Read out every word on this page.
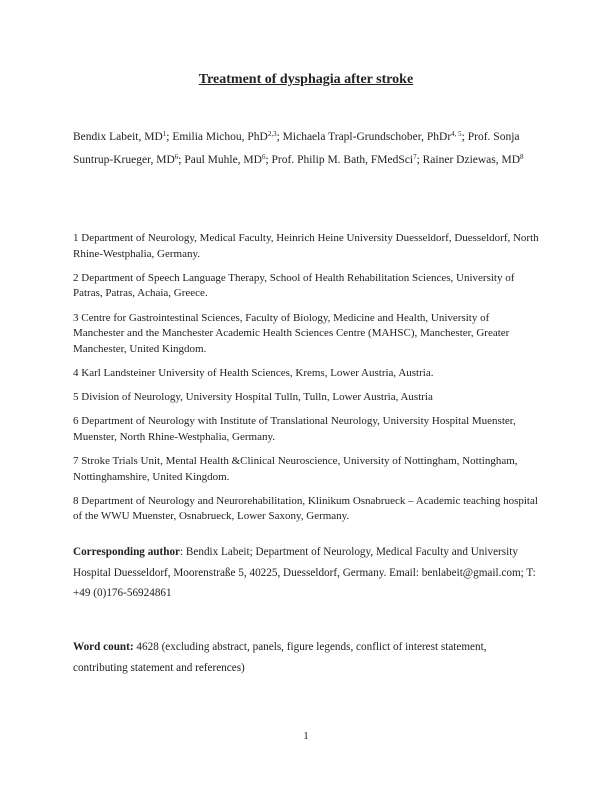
Treatment of dysphagia after stroke
Bendix Labeit, $MD^1$; Emilia Michou, PhD$^{2,3}$; Michaela Trapl-Grundschober, PhDr$^{4, 5}$; Prof. Sonja Suntrup-Krueger, $MD^6$; Paul Muhle, $MD^6$; Prof. Philip M. Bath, FMedSci$^7$; Rainer Dziewas, $MD^8$

1 Department of Neurology, Medical Faculty, Heinrich Heine University Duesseldorf, Duesseldorf, North Rhine-Westphalia, Germany.

2 Department of Speech Language Therapy, School of Health Rehabilitation Sciences, University of Patras, Patras, Achaia, Greece.

3 Centre for Gastrointestinal Sciences, Faculty of Biology, Medicine and Health, University of Manchester and the Manchester Academic Health Sciences Centre (MAHSC), Manchester, Greater Manchester, United Kingdom.

4 Karl Landsteiner University of Health Sciences, Krems, Lower Austria, Austria.

5 Division of Neurology, University Hospital Tulln, Tulln, Lower Austria, Austria

6 Department of Neurology with Institute of Translational Neurology, University Hospital Muenster, Muenster, North Rhine-Westphalia, Germany.

7 Stroke Trials Unit, Mental Health &Clinical Neuroscience, University of Nottingham, Nottingham, Nottinghamshire, United Kingdom.

8 Department of Neurology and Neurorehabilitation, Klinikum Osnabrueck – Academic teaching hospital of the WWU Muenster, Osnabrueck, Lower Saxony, Germany.

Corresponding author: Bendix Labeit; Department of Neurology, Medical Faculty and University Hospital Duesseldorf, Moorenstraße 5, 40225, Duesseldorf, Germany. Email: benlabeit@gmail.com; T: +49 (0)176-56924861
Word count: 4628 (excluding abstract, panels, figure legends, conflict of interest statement, contributing statement and references)
1
